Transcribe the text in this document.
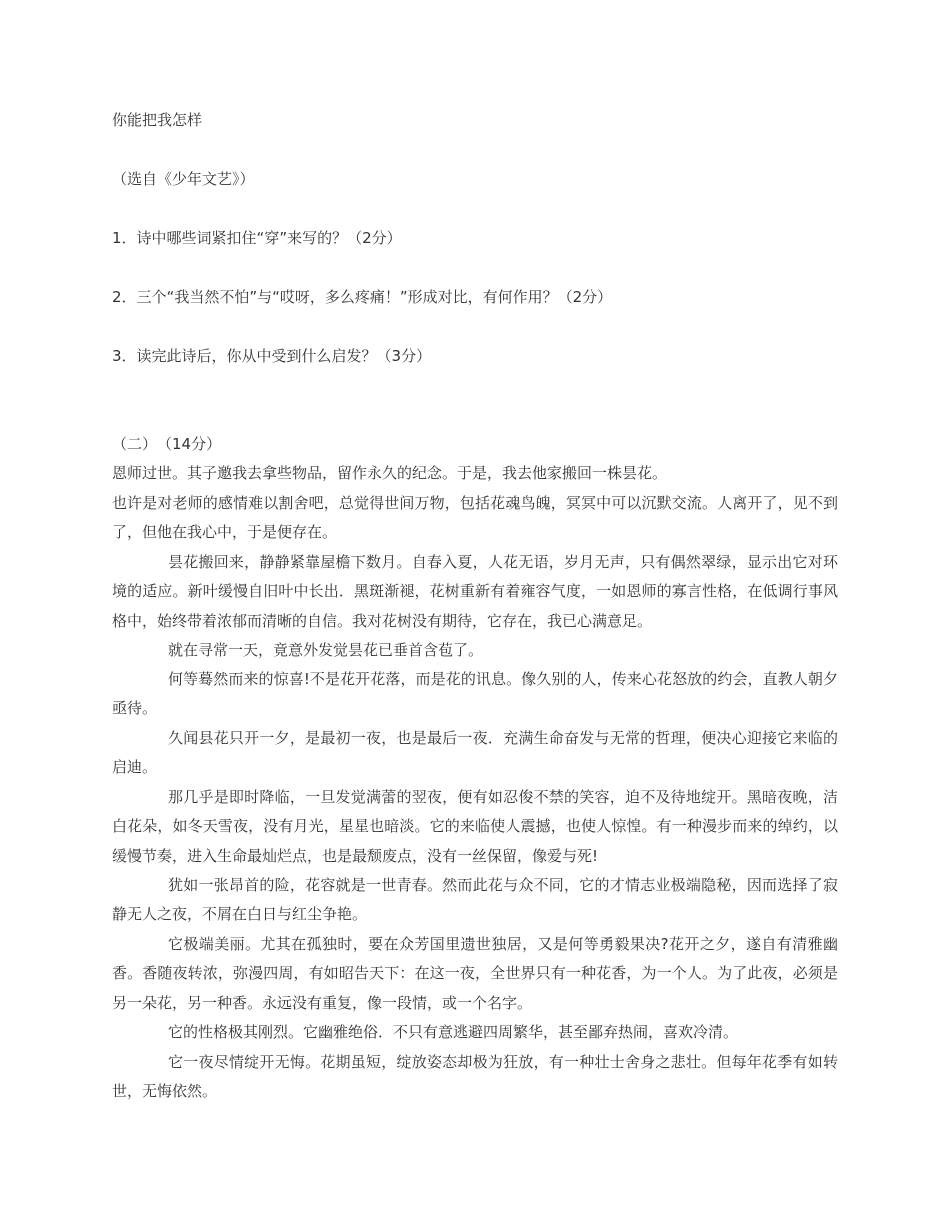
你能把我怎样
（选自《少年文艺》）
1．诗中哪些词紧扣住“穿”来写的？（2分）
2．三个“我当然不怕”与“哎呀，多么疼痛！”形成对比，有何作用？（2分）
3．读完此诗后，你从中受到什么启发？（3分）
（二）　（14分）
恩师过世。其子邀我去拿些物品，留作永久的纪念。于是，我去他家搬回一株昙花。
也许是对老师的感情难以割舍吧，总觉得世间万物，包括花魂鸟魄，冥冥中可以沉默交流。人离开了，见不到了，但他在我心中，于是便存在。
昙花搬回来，静静紧靠屋檐下数月。自春入夏，人花无语，岁月无声，只有偶然翠绿，显示出它对环境的适应。新叶缓慢自旧叶中长出．黑斑渐褪，花树重新有着雍容气度，一如恩师的寡言性格，在低调行事风格中，始终带着浓郁而清晰的自信。我对花树没有期待，它存在，我已心满意足。
就在寻常一天，竟意外发觉昙花已垂首含苞了。
何等蓦然而来的惊喜!不是花开花落，而是花的讯息。像久别的人，传来心花怒放的约会，直教人朝夕亟待。
久闻县花只开一夕，是最初一夜，也是最后一夜．充满生命奋发与无常的哲理，便决心迎接它来临的启迪。
那几乎是即时降临，一旦发觉满蕾的翌夜，便有如忍俊不禁的笑容，迫不及待地绽开。黑暗夜晚，洁白花朵，如冬天雪夜，没有月光，星星也暗淡。它的来临使人震撼，也使人惊惶。有一种漫步而来的绰约，以缓慢节奏，进入生命最灿烂点，也是最颓废点，没有一丝保留，像爱与死!
犹如一张昂首的险，花容就是一世青春。然而此花与众不同，它的才情志业极端隐秘，因而选择了寂静无人之夜，不屑在白日与红尘争艳。
它极端美丽。尤其在孤独时，要在众芳国里遗世独居，又是何等勇毅果决?花开之夕，遂自有清雅幽香。香随夜转浓，弥漫四周，有如昭告天下：在这一夜，全世界只有一种花香，为一个人。为了此夜，必须是另一朵花，另一种香。永远没有重复，像一段情，或一个名字。
它的性格极其刚烈。它幽雅绝俗．不只有意逃避四周繁华，甚至鄙弃热闹，喜欢冷清。
它一夜尽情绽开无悔。花期虽短，绽放姿态却极为狂放，有一种壮士舍身之悲壮。但每年花季有如转世，无悔依然。
